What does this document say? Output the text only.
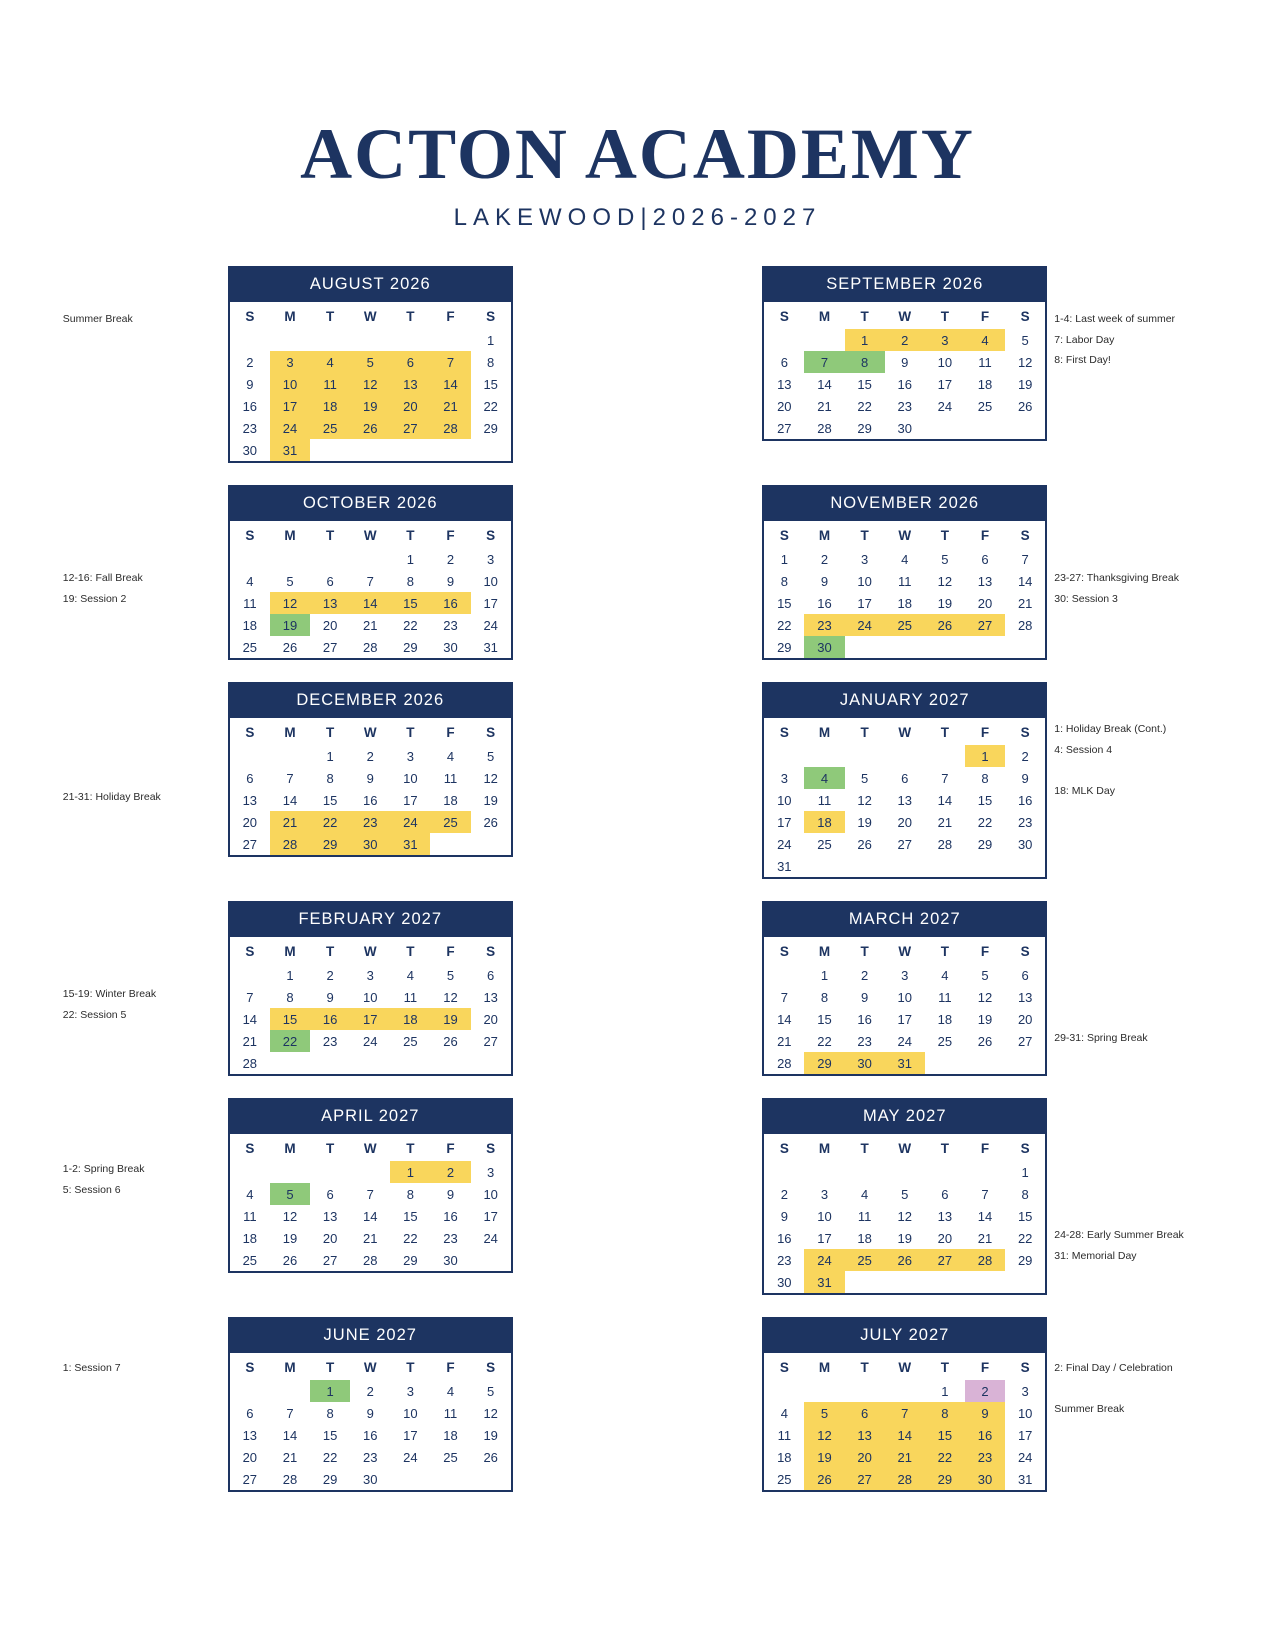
ACTON ACADEMY
LAKEWOOD|2026-2027
Summer Break
AUGUST 2026
S	M	T	W	T	F	S
						1
2	3	4	5	6	7	8
9	10	11	12	13	14	15
16	17	18	19	20	21	22
23	24	25	26	27	28	29
30	31					
1-4: Last week of summer
7: Labor Day
8: First Day!
SEPTEMBER 2026
S	M	T	W	T	F	S
		1	2	3	4	5
6	7	8	9	10	11	12
13	14	15	16	17	18	19
20	21	22	23	24	25	26
27	28	29	30			
12-16: Fall Break
19: Session 2
OCTOBER 2026
S	M	T	W	T	F	S
				1	2	3
4	5	6	7	8	9	10
11	12	13	14	15	16	17
18	19	20	21	22	23	24
25	26	27	28	29	30	31
23-27: Thanksgiving Break
30: Session 3
NOVEMBER 2026
S	M	T	W	T	F	S
1	2	3	4	5	6	7
8	9	10	11	12	13	14
15	16	17	18	19	20	21
22	23	24	25	26	27	28
29	30					
21-31: Holiday Break
DECEMBER 2026
S	M	T	W	T	F	S
		1	2	3	4	5
6	7	8	9	10	11	12
13	14	15	16	17	18	19
20	21	22	23	24	25	26
27	28	29	30	31		
1: Holiday Break (Cont.)
4: Session 4
18: MLK Day
JANUARY 2027
S	M	T	W	T	F	S
					1	2
3	4	5	6	7	8	9
10	11	12	13	14	15	16
17	18	19	20	21	22	23
24	25	26	27	28	29	30
31						
15-19: Winter Break
22: Session 5
FEBRUARY 2027
S	M	T	W	T	F	S
	1	2	3	4	5	6
7	8	9	10	11	12	13
14	15	16	17	18	19	20
21	22	23	24	25	26	27
28						
29-31: Spring Break
MARCH 2027
S	M	T	W	T	F	S
	1	2	3	4	5	6
7	8	9	10	11	12	13
14	15	16	17	18	19	20
21	22	23	24	25	26	27
28	29	30	31			
1-2: Spring Break
5: Session 6
APRIL 2027
S	M	T	W	T	F	S
				1	2	3
4	5	6	7	8	9	10
11	12	13	14	15	16	17
18	19	20	21	22	23	24
25	26	27	28	29	30	
24-28: Early Summer Break
31: Memorial Day
MAY 2027
S	M	T	W	T	F	S
						1
2	3	4	5	6	7	8
9	10	11	12	13	14	15
16	17	18	19	20	21	22
23	24	25	26	27	28	29
30	31					
1: Session 7
JUNE 2027
S	M	T	W	T	F	S
		1	2	3	4	5
6	7	8	9	10	11	12
13	14	15	16	17	18	19
20	21	22	23	24	25	26
27	28	29	30			
2: Final Day / Celebration
Summer Break
JULY 2027
S	M	T	W	T	F	S
				1	2	3
4	5	6	7	8	9	10
11	12	13	14	15	16	17
18	19	20	21	22	23	24
25	26	27	28	29	30	31
